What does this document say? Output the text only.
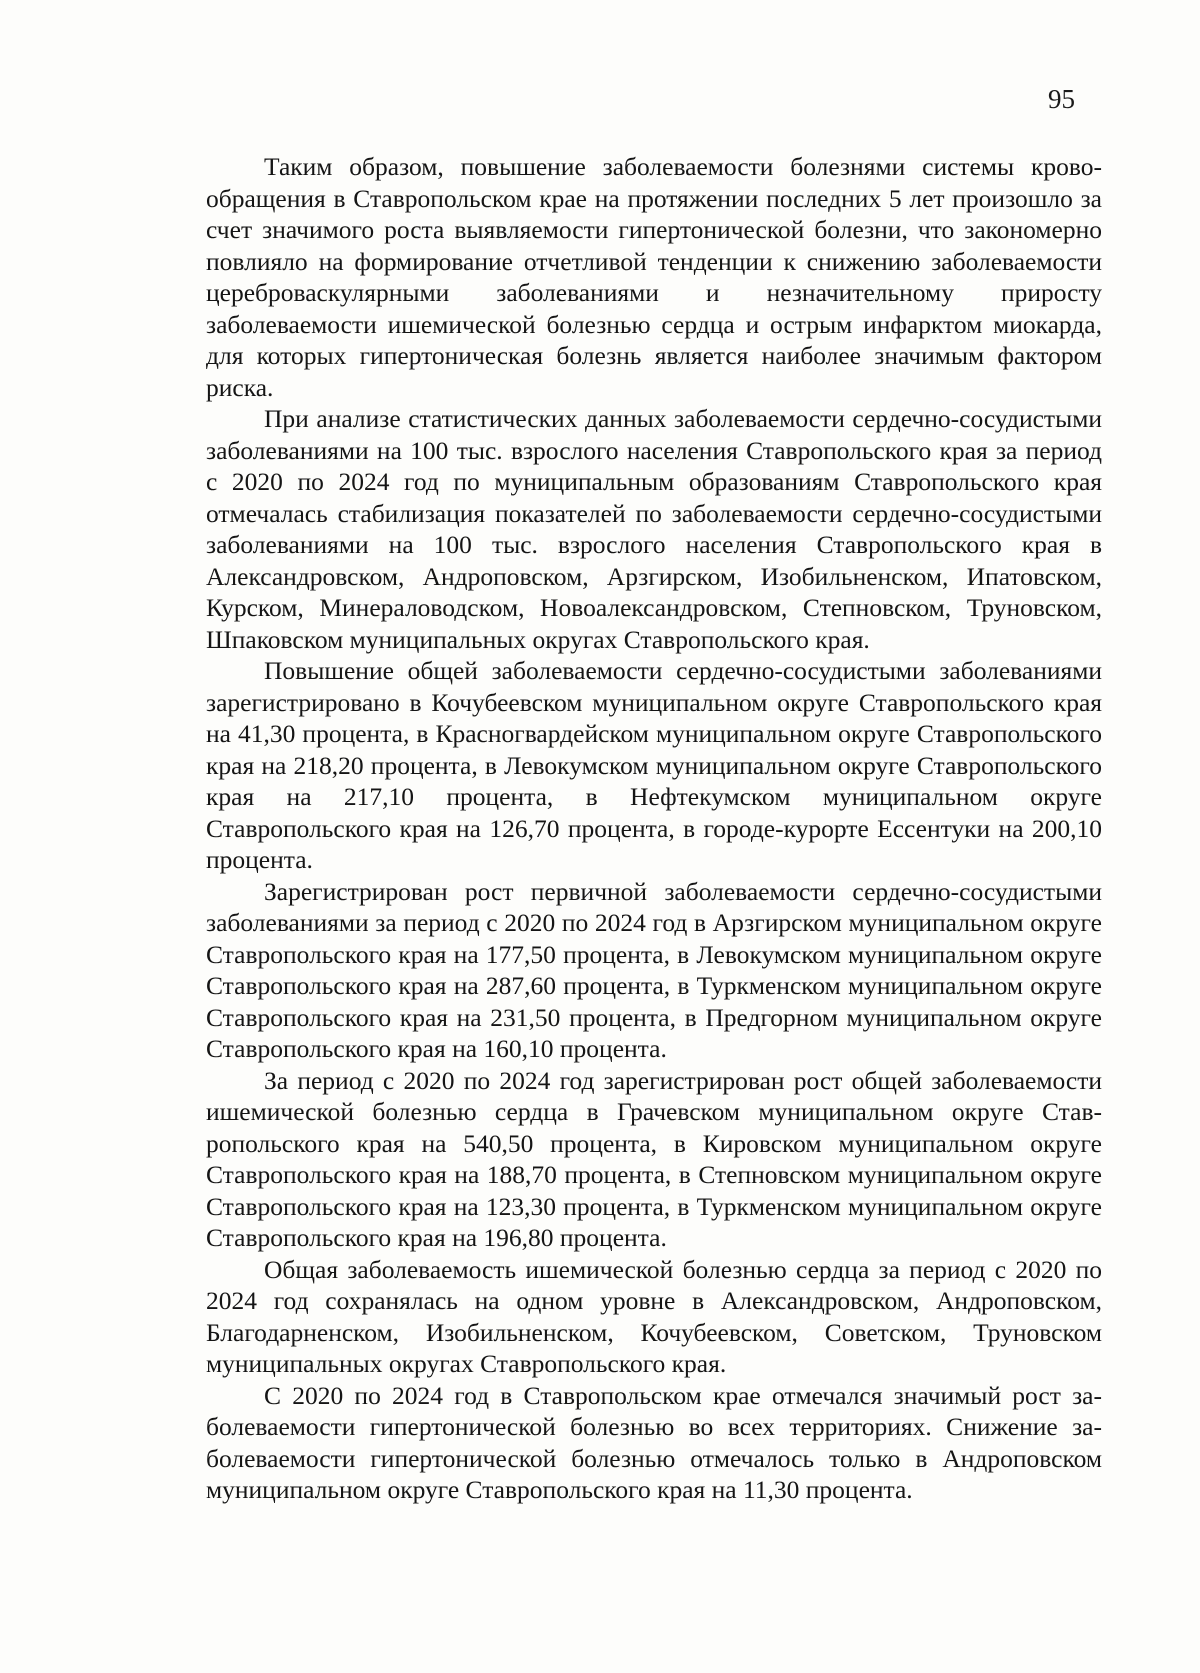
95

Таким образом, повышение заболеваемости болезнями системы кровообращения в Ставропольском крае на протяжении последних 5 лет произошло за счет значимого роста выявляемости гипертонической болезни, что закономерно повлияло на формирование отчетливой тенденции к снижению заболеваемости цереброваскулярными заболеваниями и незначительному приросту заболеваемости ишемической болезнью сердца и острым инфарктом миокарда, для которых гипертоническая болезнь является наиболее значимым фактором риска.

При анализе статистических данных заболеваемости сердечно-сосудистыми заболеваниями на 100 тыс. взрослого населения Ставропольского края за период с 2020 по 2024 год по муниципальным образованиям Ставропольского края отмечалась стабилизация показателей по заболеваемости сердечно-сосудистыми заболеваниями на 100 тыс. взрослого населения Ставропольского края в Александровском, Андроповском, Арзгирском, Изобильненском, Ипатовском, Курском, Минераловодском, Новоалександровском, Степновском, Труновском, Шпаковском муниципальных округах Ставропольского края.

Повышение общей заболеваемости сердечно-сосудистыми заболеваниями зарегистрировано в Кочубеевском муниципальном округе Ставропольского края на 41,30 процента, в Красногвардейском муниципальном округе Ставропольского края на 218,20 процента, в Левокумском муниципальном округе Ставропольского края на 217,10 процента, в Нефтекумском муниципальном округе Ставропольского края на 126,70 процента, в городе-курорте Ессентуки на 200,10 процента.

Зарегистрирован рост первичной заболеваемости сердечно-сосудистыми заболеваниями за период с 2020 по 2024 год в Арзгирском муниципальном округе Ставропольского края на 177,50 процента, в Левокумском муниципальном округе Ставропольского края на 287,60 процента, в Туркменском муниципальном округе Ставропольского края на 231,50 процента, в Предгорном муниципальном округе Ставропольского края на 160,10 процента.

За период с 2020 по 2024 год зарегистрирован рост общей заболеваемости ишемической болезнью сердца в Грачевском муниципальном округе Ставропольского края на 540,50 процента, в Кировском муниципальном округе Ставропольского края на 188,70 процента, в Степновском муниципальном округе Ставропольского края на 123,30 процента, в Туркменском муниципальном округе Ставропольского края на 196,80 процента.

Общая заболеваемость ишемической болезнью сердца за период с 2020 по 2024 год сохранялась на одном уровне в Александровском, Андроповском, Благодарненском, Изобильненском, Кочубеевском, Советском, Труновском муниципальных округах Ставропольского края.

С 2020 по 2024 год в Ставропольском крае отмечался значимый рост заболеваемости гипертонической болезнью во всех территориях. Снижение заболеваемости гипертонической болезнью отмечалось только в Андроповском муниципальном округе Ставропольского края на 11,30 процента.
